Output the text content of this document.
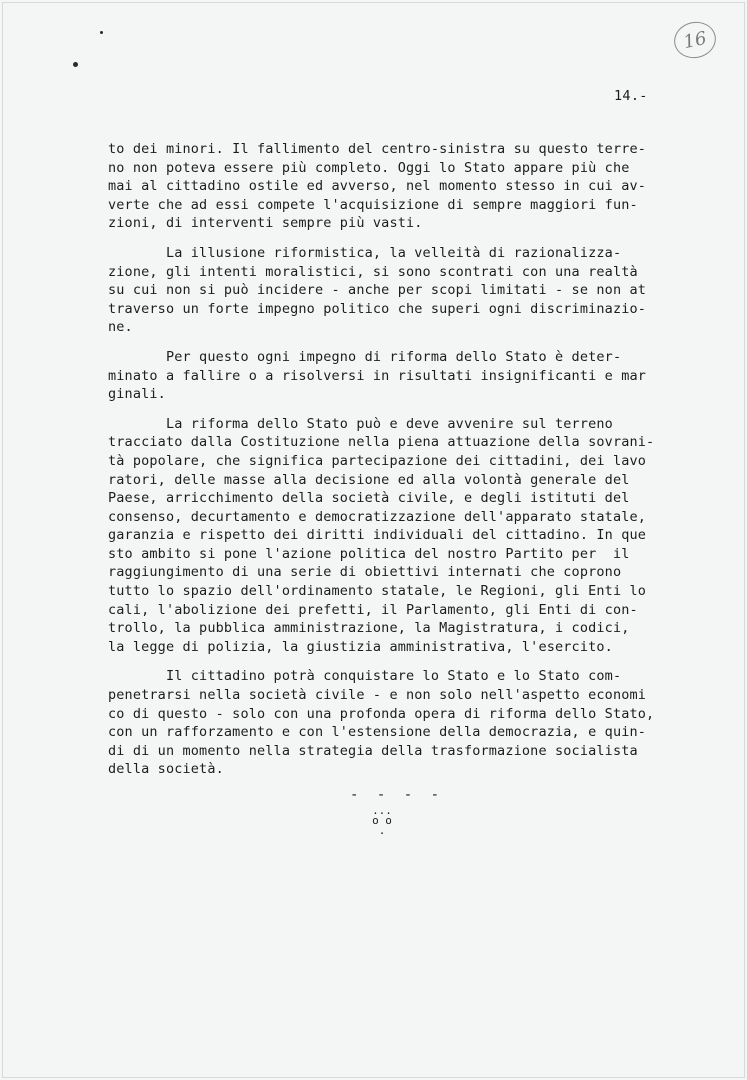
16
14.-
to dei minori. Il fallimento del centro-sinistra su questo terre-
no non poteva essere più completo. Oggi lo Stato appare più che
mai al cittadino ostile ed avverso, nel momento stesso in cui av-
verte che ad essi compete l'acquisizione di sempre maggiori fun-
zioni, di interventi sempre più vasti.
La illusione riformistica, la velleità di razionalizza-
zione, gli intenti moralistici, si sono scontrati con una realtà
su cui non si può incidere - anche per scopi limitati - se non at
traverso un forte impegno politico che superi ogni discriminazio-
ne.
Per questo ogni impegno di riforma dello Stato è deter-
minato a fallire o a risolversi in risultati insignificanti e mar
ginali.
La riforma dello Stato può e deve avvenire sul terreno
tracciato dalla Costituzione nella piena attuazione della sovrani-
tà popolare, che significa partecipazione dei cittadini, dei lavo
ratori, delle masse alla decisione ed alla volontà generale del
Paese, arricchimento della società civile, e degli istituti del
consenso, decurtamento e democratizzazione dell'apparato statale,
garanzia e rispetto dei diritti individuali del cittadino. In que
sto ambito si pone l'azione politica del nostro Partito per  il
raggiungimento di una serie di obiettivi internati che coprono
tutto lo spazio dell'ordinamento statale, le Regioni, gli Enti lo
cali, l'abolizione dei prefetti, il Parlamento, gli Enti di con-
trollo, la pubblica amministrazione, la Magistratura, i codici,
la legge di polizia, la giustizia amministrativa, l'esercito.
Il cittadino potrà conquistare lo Stato e lo Stato com-
penetrarsi nella società civile - e non solo nell'aspetto economi
co di questo - solo con una profonda opera di riforma dello Stato,
con un rafforzamento e con l'estensione della democrazia, e quin-
di di un momento nella strategia della trasformazione socialista
della società.
- - - -
...
o o
.
